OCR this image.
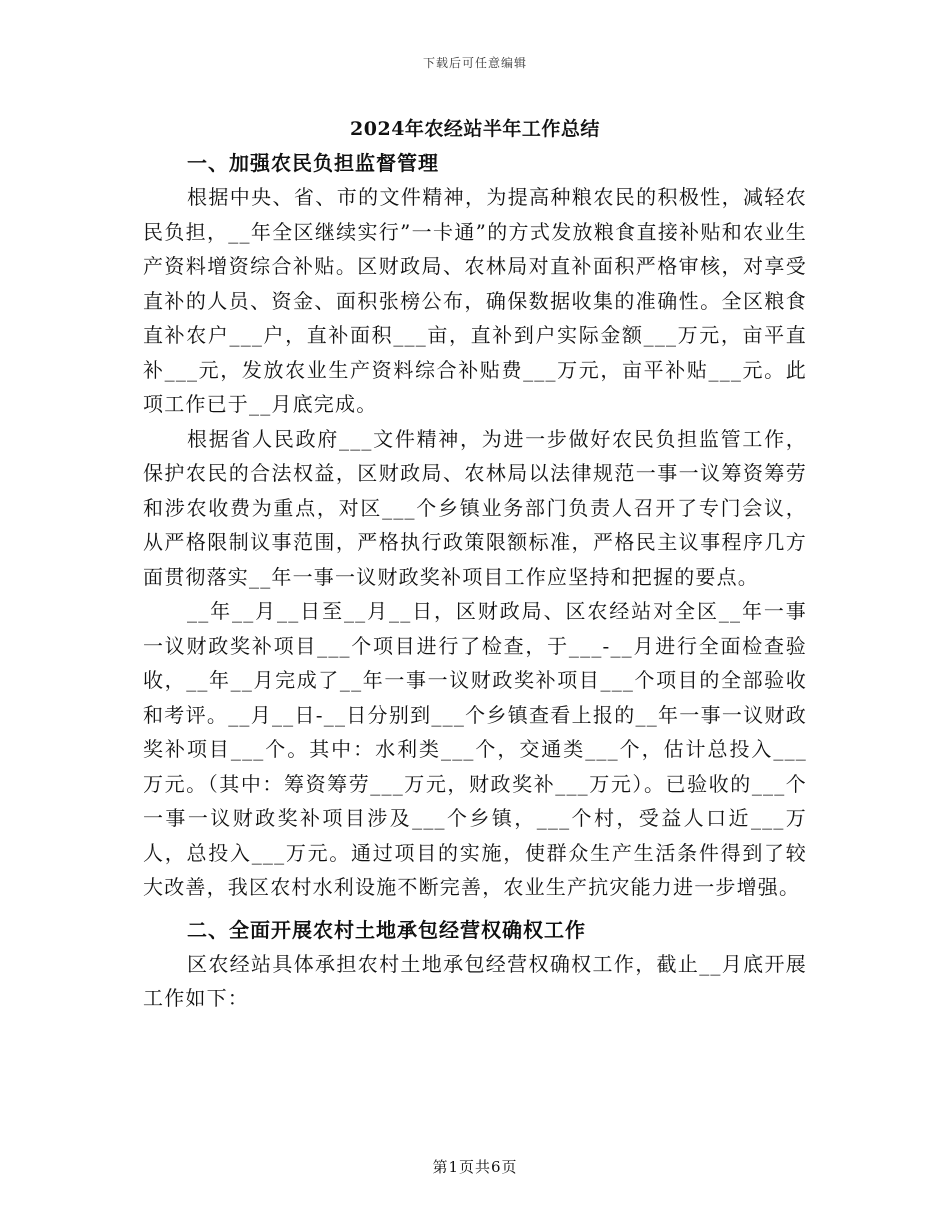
下载后可任意编辑
2024年农经站半年工作总结
一、加强农民负担监督管理

根据中央、省、市的文件精神，为提高种粮农民的积极性，减轻农民负担，__年全区继续实行”一卡通”的方式发放粮食直接补贴和农业生产资料增资综合补贴。区财政局、农林局对直补面积严格审核，对享受直补的人员、资金、面积张榜公布，确保数据收集的准确性。全区粮食直补农户___户，直补面积___亩，直补到户实际金额___万元，亩平直补___元，发放农业生产资料综合补贴费___万元，亩平补贴___元。此项工作已于__月底完成。

根据省人民政府___文件精神，为进一步做好农民负担监管工作，保护农民的合法权益，区财政局、农林局以法律规范一事一议筹资筹劳和涉农收费为重点，对区___个乡镇业务部门负责人召开了专门会议，从严格限制议事范围，严格执行政策限额标准，严格民主议事程序几方面贯彻落实__年一事一议财政奖补项目工作应坚持和把握的要点。

__年__月__日至__月__日，区财政局、区农经站对全区__年一事一议财政奖补项目___个项目进行了检查，于___-__月进行全面检查验收，__年__月完成了__年一事一议财政奖补项目___个项目的全部验收和考评。__月__日-__日分别到___个乡镇查看上报的__年一事一议财政奖补项目___个。其中：水利类___个，交通类___个，估计总投入___万元。（其中：筹资筹劳___万元，财政奖补___万元）。已验收的___个一事一议财政奖补项目涉及___个乡镇，___个村，受益人口近___万人，总投入___万元。通过项目的实施，使群众生产生活条件得到了较大改善，我区农村水利设施不断完善，农业生产抗灾能力进一步增强。

二、全面开展农村土地承包经营权确权工作

区农经站具体承担农村土地承包经营权确权工作，截止__月底开展工作如下：

第1页共6页
